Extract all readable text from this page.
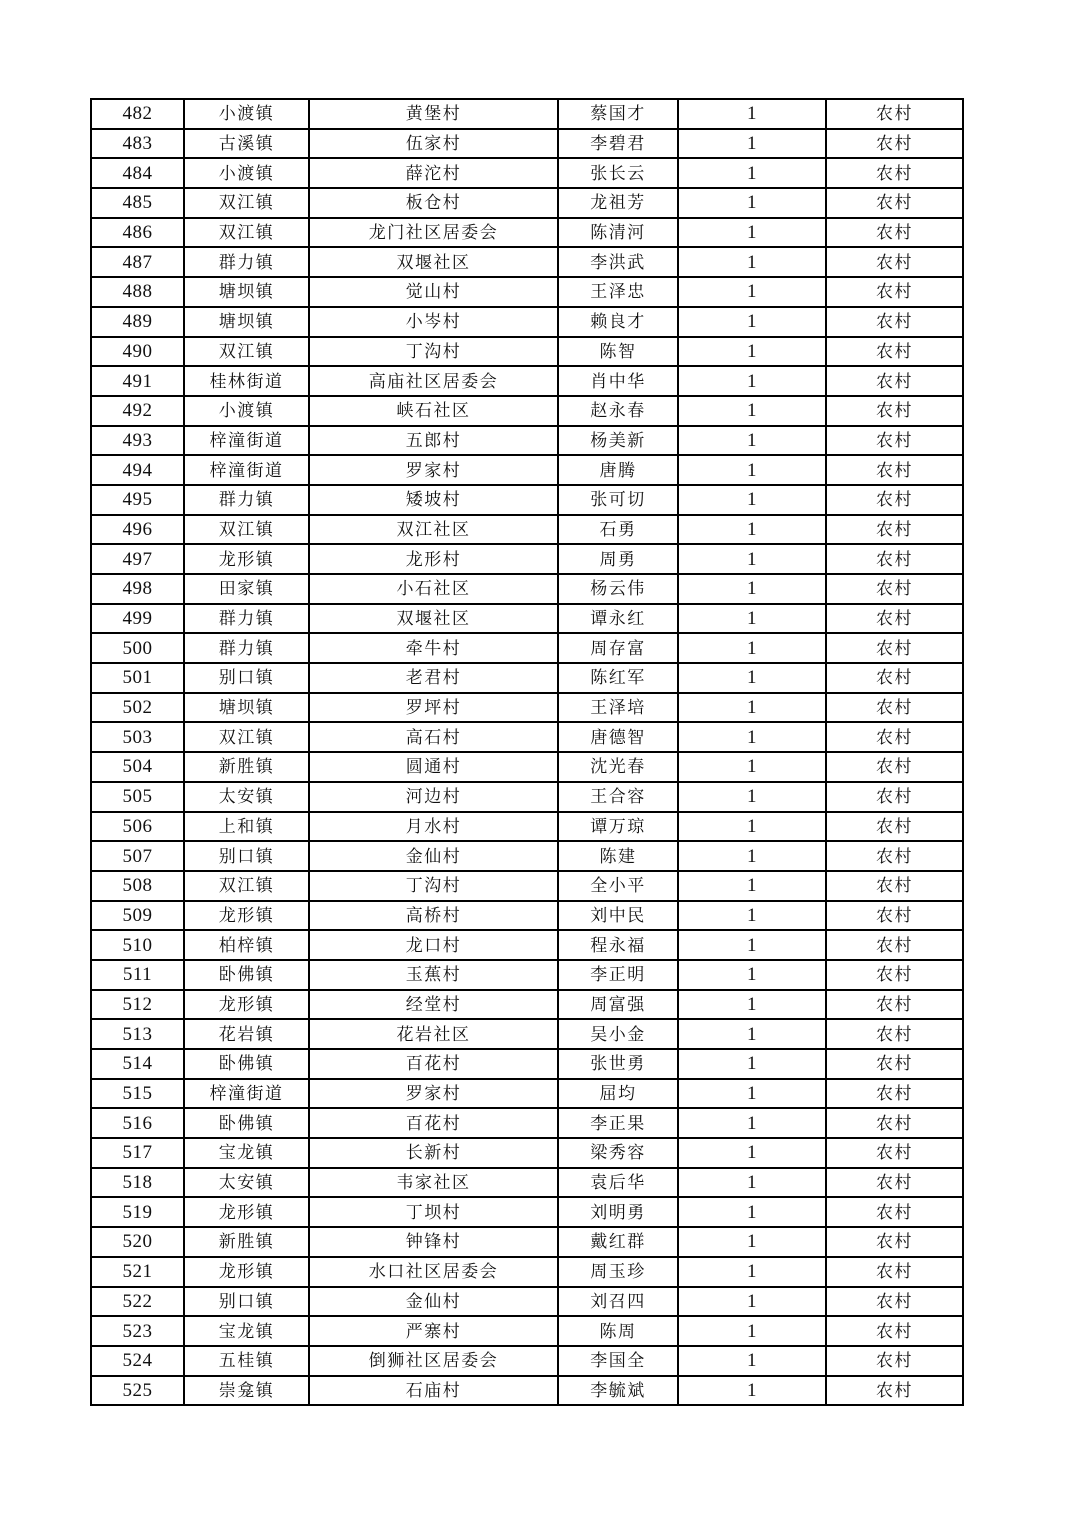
482	小渡镇	黄堡村	蔡国才	1	农村
483	古溪镇	伍家村	李碧君	1	农村
484	小渡镇	薛沱村	张长云	1	农村
485	双江镇	板仓村	龙祖芳	1	农村
486	双江镇	龙门社区居委会	陈清河	1	农村
487	群力镇	双堰社区	李洪武	1	农村
488	塘坝镇	觉山村	王泽忠	1	农村
489	塘坝镇	小岑村	赖良才	1	农村
490	双江镇	丁沟村	陈智	1	农村
491	桂林街道	高庙社区居委会	肖中华	1	农村
492	小渡镇	峡石社区	赵永春	1	农村
493	梓潼街道	五郎村	杨美新	1	农村
494	梓潼街道	罗家村	唐腾	1	农村
495	群力镇	矮坡村	张可切	1	农村
496	双江镇	双江社区	石勇	1	农村
497	龙形镇	龙形村	周勇	1	农村
498	田家镇	小石社区	杨云伟	1	农村
499	群力镇	双堰社区	谭永红	1	农村
500	群力镇	牵牛村	周存富	1	农村
501	别口镇	老君村	陈红军	1	农村
502	塘坝镇	罗坪村	王泽培	1	农村
503	双江镇	高石村	唐德智	1	农村
504	新胜镇	圆通村	沈光春	1	农村
505	太安镇	河边村	王合容	1	农村
506	上和镇	月水村	谭万琼	1	农村
507	别口镇	金仙村	陈建	1	农村
508	双江镇	丁沟村	全小平	1	农村
509	龙形镇	高桥村	刘中民	1	农村
510	柏梓镇	龙口村	程永福	1	农村
511	卧佛镇	玉蕉村	李正明	1	农村
512	龙形镇	经堂村	周富强	1	农村
513	花岩镇	花岩社区	吴小金	1	农村
514	卧佛镇	百花村	张世勇	1	农村
515	梓潼街道	罗家村	屈均	1	农村
516	卧佛镇	百花村	李正果	1	农村
517	宝龙镇	长新村	梁秀容	1	农村
518	太安镇	韦家社区	袁后华	1	农村
519	龙形镇	丁坝村	刘明勇	1	农村
520	新胜镇	钟锋村	戴红群	1	农村
521	龙形镇	水口社区居委会	周玉珍	1	农村
522	别口镇	金仙村	刘召四	1	农村
523	宝龙镇	严寨村	陈周	1	农村
524	五桂镇	倒狮社区居委会	李国全	1	农村
525	崇龛镇	石庙村	李毓斌	1	农村
